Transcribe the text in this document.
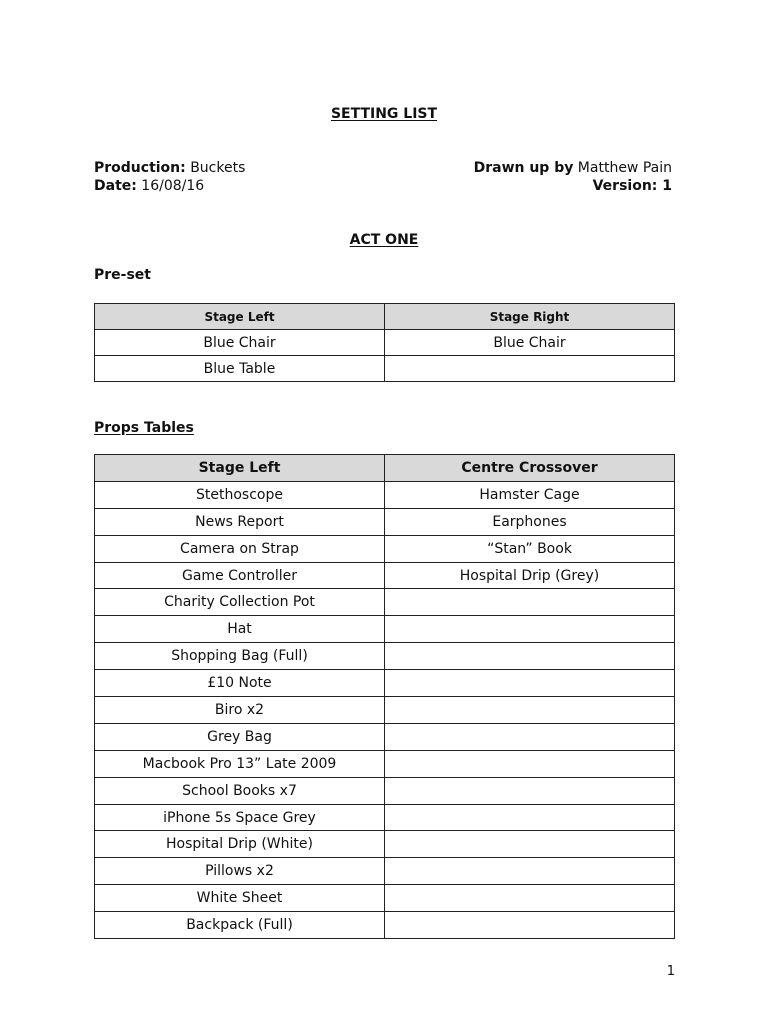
SETTING LIST
Production: Buckets
Date: 16/08/16
Drawn up by Matthew Pain
Version: 1
ACT ONE
Pre-set
Stage Left	Stage Right
Blue Chair	Blue Chair
Blue Table	
Props Tables
Stage Left	Centre Crossover
Stethoscope	Hamster Cage
News Report	Earphones
Camera on Strap	“Stan” Book
Game Controller	Hospital Drip (Grey)
Charity Collection Pot	
Hat	
Shopping Bag (Full)	
£10 Note	
Biro x2	
Grey Bag	
Macbook Pro 13” Late 2009	
School Books x7	
iPhone 5s Space Grey	
Hospital Drip (White)	
Pillows x2	
White Sheet	
Backpack (Full)	
1
